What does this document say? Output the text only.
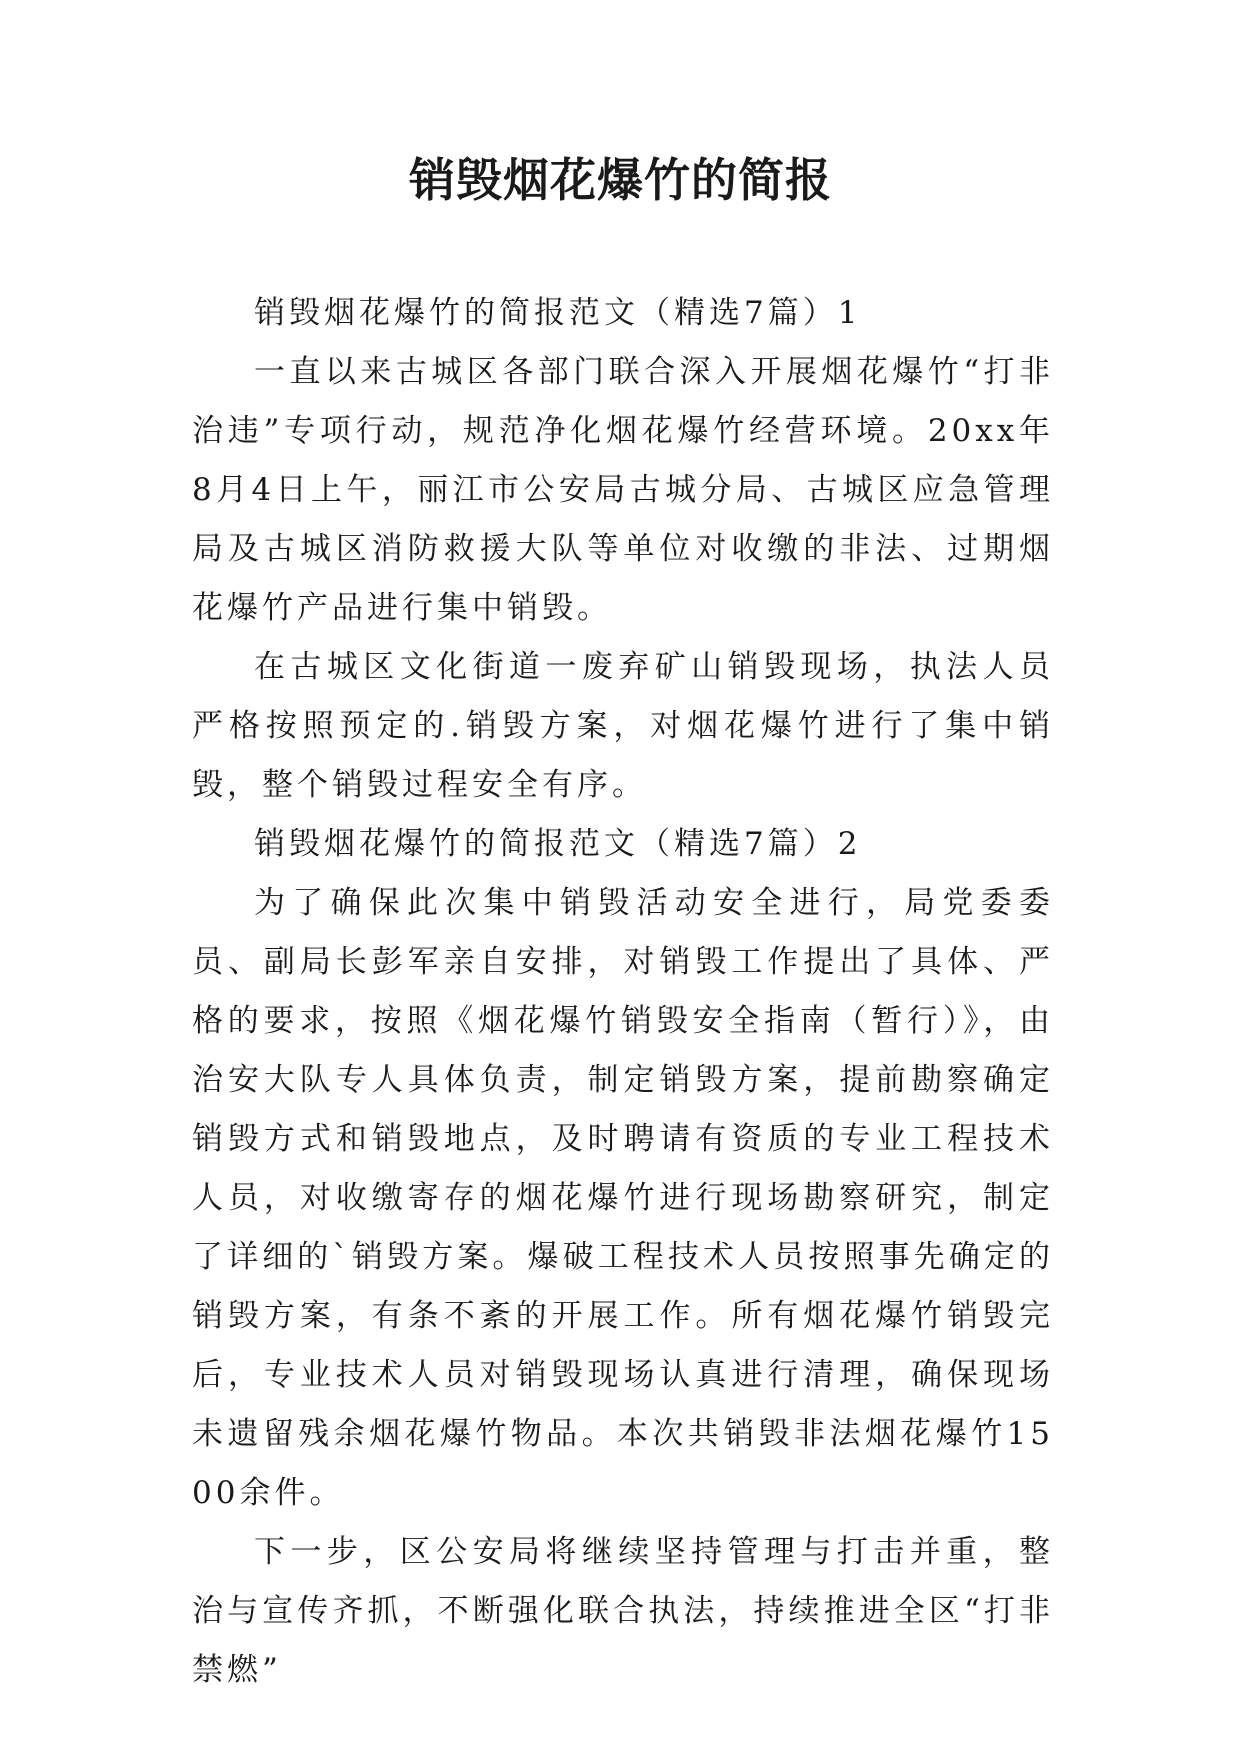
销毁烟花爆竹的简报

销毁烟花爆竹的简报范文（精选7篇）1

一直以来古城区各部门联合深入开展烟花爆竹“打非治违”专项行动，规范净化烟花爆竹经营环境。20xx年8月4日上午，丽江市公安局古城分局、古城区应急管理局及古城区消防救援大队等单位对收缴的非法、过期烟花爆竹产品进行集中销毁。

在古城区文化街道一废弃矿山销毁现场，执法人员严格按照预定的.销毁方案，对烟花爆竹进行了集中销毁，整个销毁过程安全有序。

销毁烟花爆竹的简报范文（精选7篇）2

为了确保此次集中销毁活动安全进行，局党委委员、副局长彭军亲自安排，对销毁工作提出了具体、严格的要求，按照《烟花爆竹销毁安全指南（暂行）》，由治安大队专人具体负责，制定销毁方案，提前勘察确定销毁方式和销毁地点，及时聘请有资质的专业工程技术人员，对收缴寄存的烟花爆竹进行现场勘察研究，制定了详细的`销毁方案。爆破工程技术人员按照事先确定的销毁方案，有条不紊的开展工作。所有烟花爆竹销毁完后，专业技术人员对销毁现场认真进行清理，确保现场未遗留残余烟花爆竹物品。本次共销毁非法烟花爆竹1500余件。

下一步，区公安局将继续坚持管理与打击并重，整治与宣传齐抓，不断强化联合执法，持续推进全区“打非禁燃”
